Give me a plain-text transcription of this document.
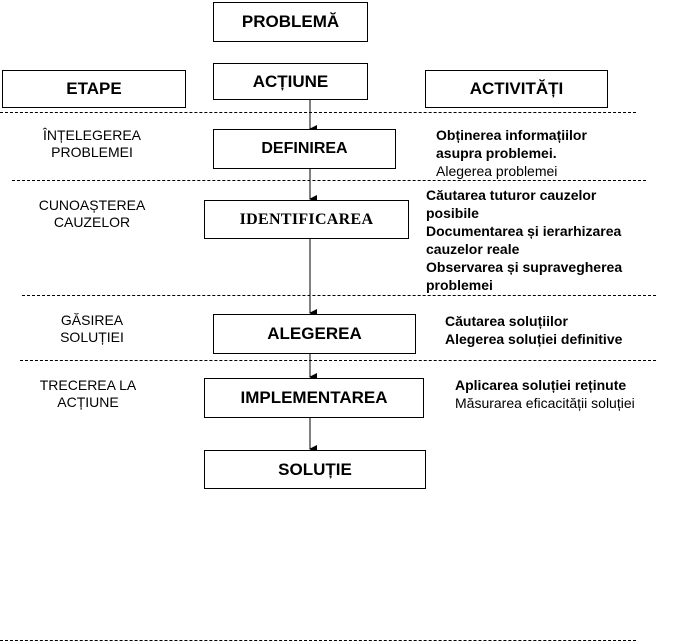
PROBLEMĂ
ACȚIUNE
ETAPE	ACTIVITĂȚI
ÎNȚELEGEREA
PROBLEMEI
CUNOAȘTEREA
CAUZELOR
GĂSIREA
SOLUȚIEI
TRECEREA LA
ACȚIUNE
DEFINIREA
IDENTIFICAREA
ALEGEREA
IMPLEMENTAREA
SOLUȚIE
Obținerea informațiilor
asupra problemei.
Alegerea problemei
Căutarea tuturor cauzelor
posibile
Documentarea și ierarhizarea
cauzelor reale
Observarea și supravegherea
problemei
Căutarea soluțiilor
Alegerea soluției definitive
Aplicarea soluției reținute
Măsurarea eficacității soluției
